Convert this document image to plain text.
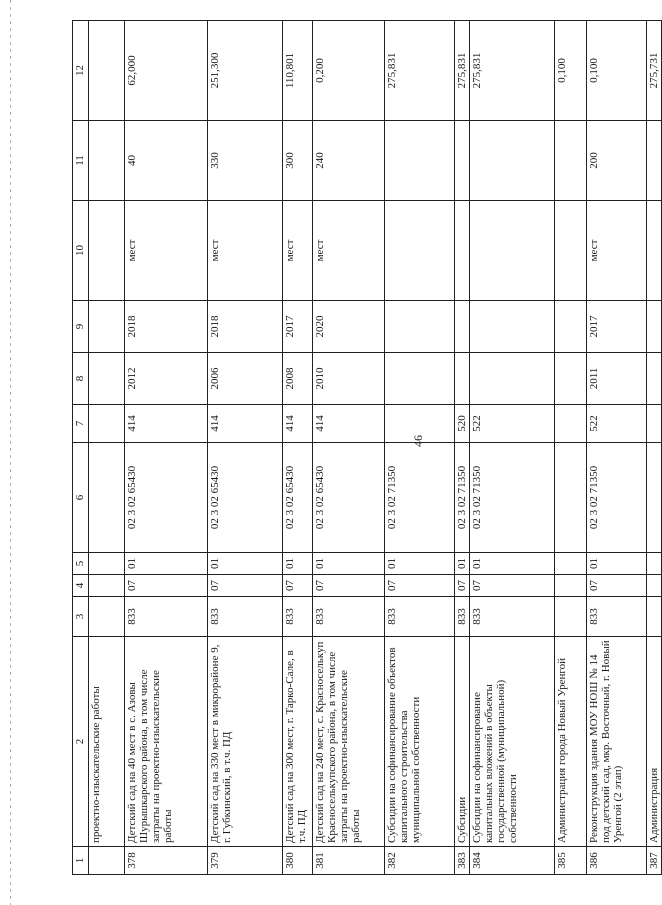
46
1	2	3	4	5	6	7	8	9	10	11	12
	проектно-изыскательские работы										
378	Детский сад на 40 мест в с. Азовы Шурышкарского района, в том числе затраты на проектно-изыскательские работы	833	07	01	02 3 02 65430	414	2012	2018	мест	40	62,000
379	Детский сад на 330 мест в микрорайоне 9, г. Губкинский, в т.ч. ПД	833	07	01	02 3 02 65430	414	2006	2018	мест	330	251,300
380	Детский сад на 300 мест, г. Тарко-Сале, в т.ч. ПД	833	07	01	02 3 02 65430	414	2008	2017	мест	300	110,801
381	Детский сад на 240 мест, с. Красноселькуп Красноселькупского района, в том числе затраты на проектно-изыскательские работы	833	07	01	02 3 02 65430	414	2010	2020	мест	240	0,200
382	Субсидии на софинансирование объектов капитального строительства муниципальной собственности	833	07	01	02 3 02 71350						275,831
383	Субсидии	833	07	01	02 3 02 71350	520					275,831
384	Субсидии на софинансирование капитальных вложений в объекты государственной (муниципальной) собственности	833	07	01	02 3 02 71350	522					275,831
385	Администрация города Новый Уренгой										0,100
386	Реконструкция здания МОУ НОШ № 14 под детский сад, мкр. Восточный, г. Новый Уренгой (2 этап)	833	07	01	02 3 02 71350	522	2011	2017	мест	200	0,100
387	Администрация										275,731
